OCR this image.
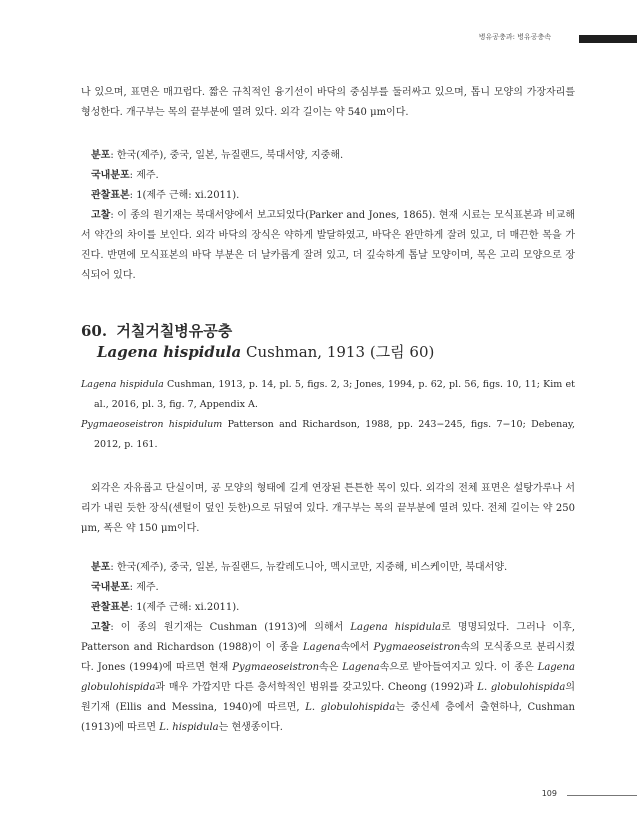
병유공충과: 병유공충속

나 있으며, 표면은 매끄럽다. 짧은 규칙적인 융기선이 바닥의 중심부를 둘러싸고 있으며, 톱니 모양의 가장자리를 형성한다. 개구부는 목의 끝부분에 열려 있다. 외각 길이는 약 540 μm이다.

분포: 한국(제주), 중국, 일본, 뉴질랜드, 북대서양, 지중해.

국내분포: 제주.

관찰표본: 1(제주 근해: xi.2011).

고찰: 이 종의 원기재는 북대서양에서 보고되었다(Parker and Jones, 1865). 현재 시료는 모식표본과 비교해서 약간의 차이를 보인다. 외각 바닥의 장식은 약하게 발달하였고, 바닥은 완만하게 잘려 있고, 더 매끈한 목을 가진다. 반면에 모식표본의 바닥 부분은 더 날카롭게 잘려 있고, 더 깊숙하게 톱날 모양이며, 목은 고리 모양으로 장식되어 있다.

60. 거칠거칠병유공충
Lagena hispidula Cushman, 1913 (그림 60)

Lagena hispidula Cushman, 1913, p. 14, pl. 5, figs. 2, 3; Jones, 1994, p. 62, pl. 56, figs. 10, 11; Kim et al., 2016, pl. 3, fig. 7, Appendix A.

Pygmaeoseistron hispidulum Patterson and Richardson, 1988, pp. 243−245, figs. 7−10; Debenay, 2012, p. 161.

외각은 자유롭고 단실이며, 공 모양의 형태에 길게 연장된 튼튼한 목이 있다. 외각의 전체 표면은 설탕가루나 서리가 내린 듯한 장식(센털이 덮인 듯한)으로 뒤덮여 있다. 개구부는 목의 끝부분에 열려 있다. 전체 길이는 약 250 μm, 폭은 약 150 μm이다.

분포: 한국(제주), 중국, 일본, 뉴질랜드, 뉴칼레도니아, 멕시코만, 지중해, 비스케이만, 북대서양.

국내분포: 제주.

관찰표본: 1(제주 근해: xi.2011).

고찰: 이 종의 원기재는 Cushman (1913)에 의해서 Lagena hispidula로 명명되었다. 그러나 이후, Patterson and Richardson (1988)이 이 종을 Lagena속에서 Pygmaeoseistron속의 모식종으로 분리시켰다. Jones (1994)에 따르면 현재 Pygmaeoseistron속은 Lagena속으로 받아들여지고 있다. 이 종은 Lagena globulohispida과 매우 가깝지만 다른 층서학적인 범위를 갖고있다. Cheong (1992)과 L. globulohispida의 원기재 (Ellis and Messina, 1940)에 따르면, L. globulohispida는 중신세 층에서 출현하나, Cushman (1913)에 따르면 L. hispidula는 현생종이다.

109
